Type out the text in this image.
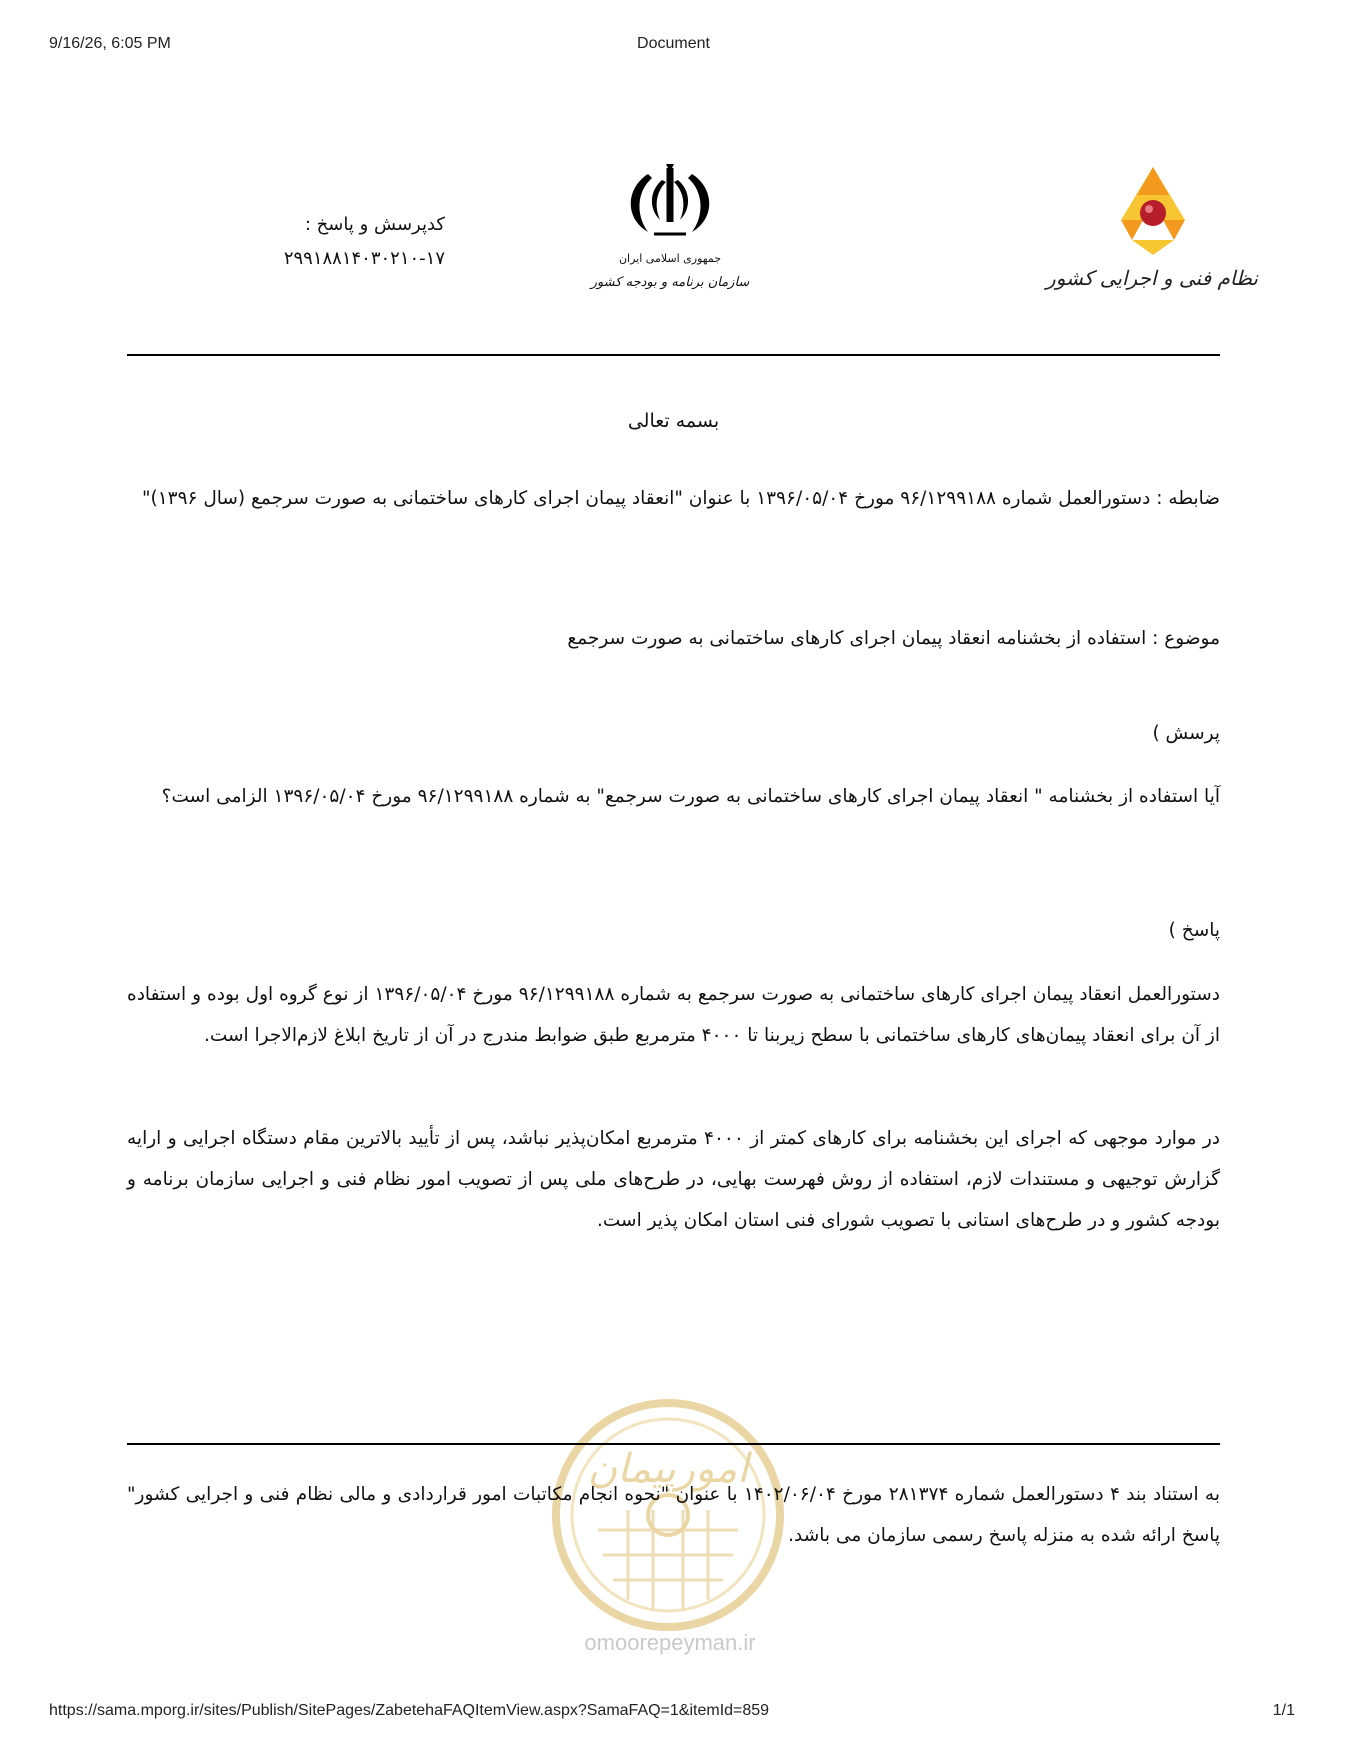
9/16/26, 6:05 PM	Document
کدپرسش و پاسخ :
۲۹۹۱۸۸۱۴۰۳۰۲۱۰-۱۷	جمهوری اسلامی ایران
سازمان برنامه و بودجه کشور	نظام فنی و اجرایی کشور
بسمه تعالی
ضابطه : دستورالعمل شماره ۹۶/۱۲۹۹۱۸۸ مورخ ۱۳۹۶/۰۵/۰۴ با عنوان "انعقاد پیمان اجرای کارهای ساختمانی به صورت سرجمع (سال ۱۳۹۶)"
موضوع : استفاده از بخشنامه انعقاد پیمان اجرای کارهای ساختمانی به صورت سرجمع
پرسش )
آیا استفاده از بخشنامه " انعقاد پیمان اجرای کارهای ساختمانی به صورت سرجمع" به شماره ۹۶/۱۲۹۹۱۸۸ مورخ ۱۳۹۶/۰۵/۰۴ الزامی است؟
پاسخ )
دستورالعمل انعقاد پیمان اجرای کارهای ساختمانی به صورت سرجمع به شماره ۹۶/۱۲۹۹۱۸۸ مورخ ۱۳۹۶/۰۵/۰۴ از نوع گروه اول بوده و استفاده از آن برای انعقاد پیمان‌های کارهای ساختمانی با سطح زیربنا تا ۴۰۰۰ مترمربع طبق ضوابط مندرج در آن از تاریخ ابلاغ لازم‌الاجرا است.
در موارد موجهی که اجرای این بخشنامه برای کارهای کمتر از ۴۰۰۰ مترمربع امکان‌پذیر نباشد، پس از تأیید بالاترین مقام دستگاه اجرایی و ارایه گزارش توجیهی و مستندات لازم، استفاده از روش فهرست بهایی، در طرح‌های ملی پس از تصویب امور نظام فنی و اجرایی سازمان برنامه و بودجه کشور و در طرح‌های استانی با تصویب شورای فنی استان امکان پذیر است.
امورپیمان
omoorepeyman.ir
به استناد بند ۴ دستورالعمل شماره ۲۸۱۳۷۴ مورخ ۱۴۰۲/۰۶/۰۴ با عنوان "نحوه انجام مکاتبات امور قراردادی و مالی نظام فنی و اجرایی کشور" پاسخ ارائه شده به منزله پاسخ رسمی سازمان می باشد.
https://sama.mporg.ir/sites/Publish/SitePages/ZabetehaFAQItemView.aspx?SamaFAQ=1&itemId=859	1/1
